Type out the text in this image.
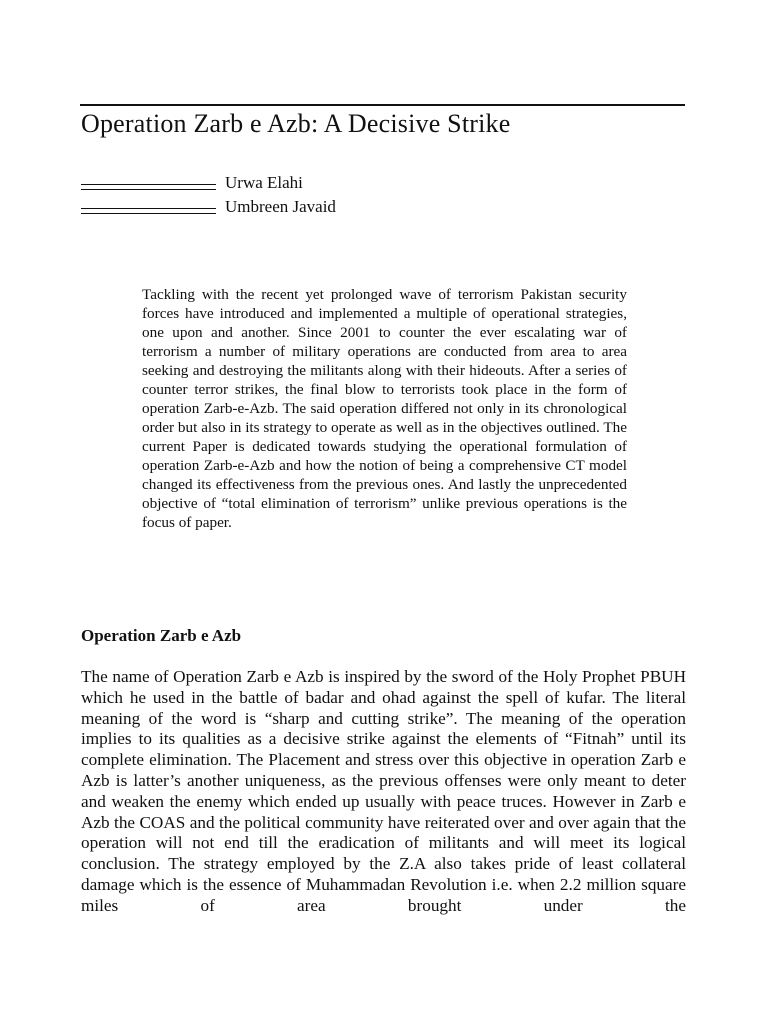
Operation Zarb e Azb: A Decisive Strike
Urwa Elahi
Umbreen Javaid

Tackling with the recent yet prolonged wave of terrorism Pakistan security forces have introduced and implemented a multiple of operational strategies, one upon and another. Since 2001 to counter the ever escalating war of terrorism a number of military operations are conducted from area to area seeking and destroying the militants along with their hideouts. After a series of counter terror strikes, the final blow to terrorists took place in the form of operation Zarb-e-Azb. The said operation differed not only in its chronological order but also in its strategy to operate as well as in the objectives outlined. The current Paper is dedicated towards studying the operational formulation of operation Zarb-e-Azb and how the notion of being a comprehensive CT model changed its effectiveness from the previous ones. And lastly the unprecedented objective of “total elimination of terrorism” unlike previous operations is the focus of paper.

Operation Zarb e Azb

The name of Operation Zarb e Azb is inspired by the sword of the Holy Prophet PBUH which he used in the battle of badar and ohad against the spell of kufar. The literal meaning of the word is “sharp and cutting strike”. The meaning of the operation implies to its qualities as a decisive strike against the elements of “Fitnah” until its complete elimination. The Placement and stress over this objective in operation Zarb e Azb is latter’s another uniqueness, as the previous offenses were only meant to deter and weaken the enemy which ended up usually with peace truces. However in Zarb e Azb the COAS and the political community have reiterated over and over again that the operation will not end till the eradication of militants and will meet its logical conclusion. The strategy employed by the Z.A also takes pride of least collateral damage which is the essence of Muhammadan Revolution i.e. when 2.2 million square miles of area brought under the
